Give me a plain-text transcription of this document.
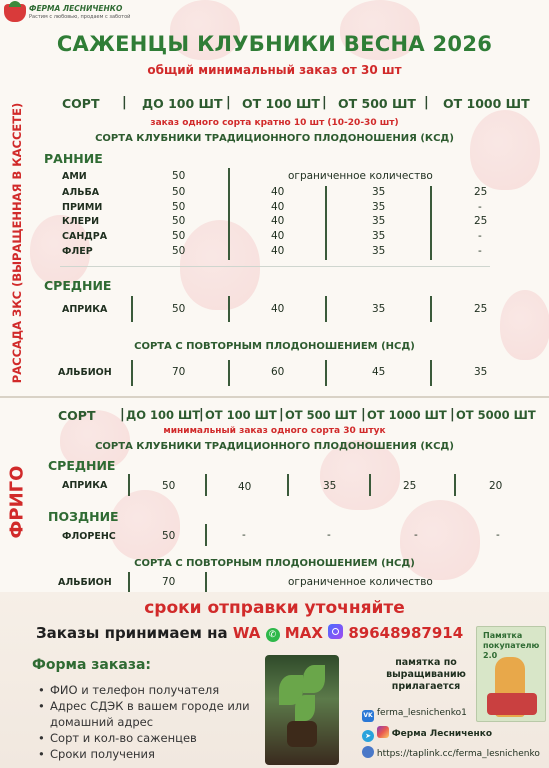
ФЕРМА ЛЕСНИЧЕНКО
Растим с любовью, продаем с заботой
САЖЕНЦЫ КЛУБНИКИ ВЕСНА 2026
общий минимальный заказ от 30 шт
РАССАДА ЗКС (ВЫРАЩЕННАЯ В КАССЕТЕ)	СОРТ | ДО 100 ШТ | ОТ 100 ШТ | ОТ 500 ШТ | ОТ 1000 ШТ
заказ одного сорта кратно 10 шт (10-20-30 шт)
СОРТА КЛУБНИКИ ТРАДИЦИОННОГО ПЛОДОНОШЕНИЯ (КСД)
РАННИЕ
АМИ	50	ограниченное количество
АЛЬБА	50	40	35	25
ПРИМИ	50	40	35	-
КЛЕРИ	50	40	35	25
САНДРА	50	40	35	-
ФЛЕР	50	40	35	-
СРЕДНИЕ
АПРИКА	50	40	35	25
СОРТА С ПОВТОРНЫМ ПЛОДОНОШЕНИЕМ (НСД)
АЛЬБИОН	70	60	45	35
ФРИГО
СОРТ | ДО 100 ШТ
| ОТ 100 ШТ | ОТ 500 ШТ | ОТ 1000 ШТ | ОТ 5000 ШТ
минимальный заказ одного сорта 30 штук
СОРТА КЛУБНИКИ ТРАДИЦИОННОГО ПЛОДОНОШЕНИЯ (КСД)
СРЕДНИЕ
АПРИКА	50	40	35	25	20
ПОЗДНИЕ
ФЛОРЕНС	50	-	-	-	-
СОРТА С ПОВТОРНЫМ ПЛОДОНОШЕНИЕМ (НСД)
АЛЬБИОН	70	ограниченное количество
сроки отправки уточняйте
Заказы принимаем на WA ✆ MAX 89648987914
Форма заказа:
• ФИО и телефон получателя
• Адрес СДЭК в вашем городе или домашний адрес
• Сорт и кол-во саженцев
• Сроки получения
памятка по выращиванию прилагается
Памятка покупателю 2.0
VK ferma_lesnichenko1
➤ Ферма Лесниченко
https://taplink.cc/ferma_lesnichenko
